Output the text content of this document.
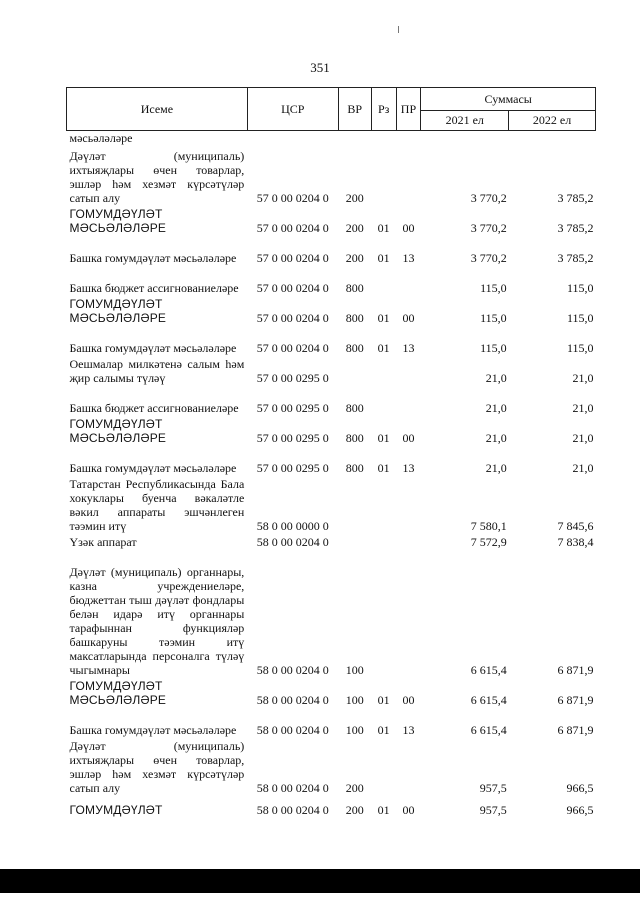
351
Исеме	ЦСР	ВР	Рз	ПР	Суммасы	
					2021 ел	2022 ел
мәсьәләләре						
Дәүләт (муниципаль) ихтыяҗлары өчен товарлар, эшләр һәм хезмәт күрсәтүләр сатып алу	57 0 00 0204 0	200			3 770,2	3 785,2
ГОМУМДӘҮЛӘТ МӘСЬӘЛӘЛӘРЕ	57 0 00 0204 0	200	01	00	3 770,2	3 785,2
Башка гомумдәүләт мәсьәләләре	57 0 00 0204 0	200	01	13	3 770,2	3 785,2
Башка бюджет ассигнованиеләре	57 0 00 0204 0	800			115,0	115,0
ГОМУМДӘҮЛӘТ МӘСЬӘЛӘЛӘРЕ	57 0 00 0204 0	800	01	00	115,0	115,0
Башка гомумдәүләт мәсьәләләре	57 0 00 0204 0	800	01	13	115,0	115,0
Оешмалар милкәтенә салым һәм җир салымы түләү	57 0 00 0295 0				21,0	21,0
Башка бюджет ассигнованиеләре	57 0 00 0295 0	800			21,0	21,0
ГОМУМДӘҮЛӘТ МӘСЬӘЛӘЛӘРЕ	57 0 00 0295 0	800	01	00	21,0	21,0
Башка гомумдәүләт мәсьәләләре	57 0 00 0295 0	800	01	13	21,0	21,0
Татарстан Республикасында Бала хокуклары буенча вәкаләтле вәкил аппараты эшчәнлеген тәэмин итү	58 0 00 0000 0				7 580,1	7 845,6
Үзәк аппарат	58 0 00 0204 0				7 572,9	7 838,4
Дәүләт (муниципаль) органнары, казна учреждениеләре, бюджеттан тыш дәүләт фондлары белән идарә итү органнары тарафыннан функцияләр башкаруны тәэмин итү максатларында персоналга түләү чыгымнары	58 0 00 0204 0	100			6 615,4	6 871,9
ГОМУМДӘҮЛӘТ МӘСЬӘЛӘЛӘРЕ	58 0 00 0204 0	100	01	00	6 615,4	6 871,9
Башка гомумдәүләт мәсьәләләре	58 0 00 0204 0	100	01	13	6 615,4	6 871,9
Дәүләт (муниципаль) ихтыяҗлары өчен товарлар, эшләр һәм хезмәт күрсәтүләр сатып алу	58 0 00 0204 0	200			957,5	966,5
ГОМУМДӘҮЛӘТ	58 0 00 0204 0	200	01	00	957,5	966,5
